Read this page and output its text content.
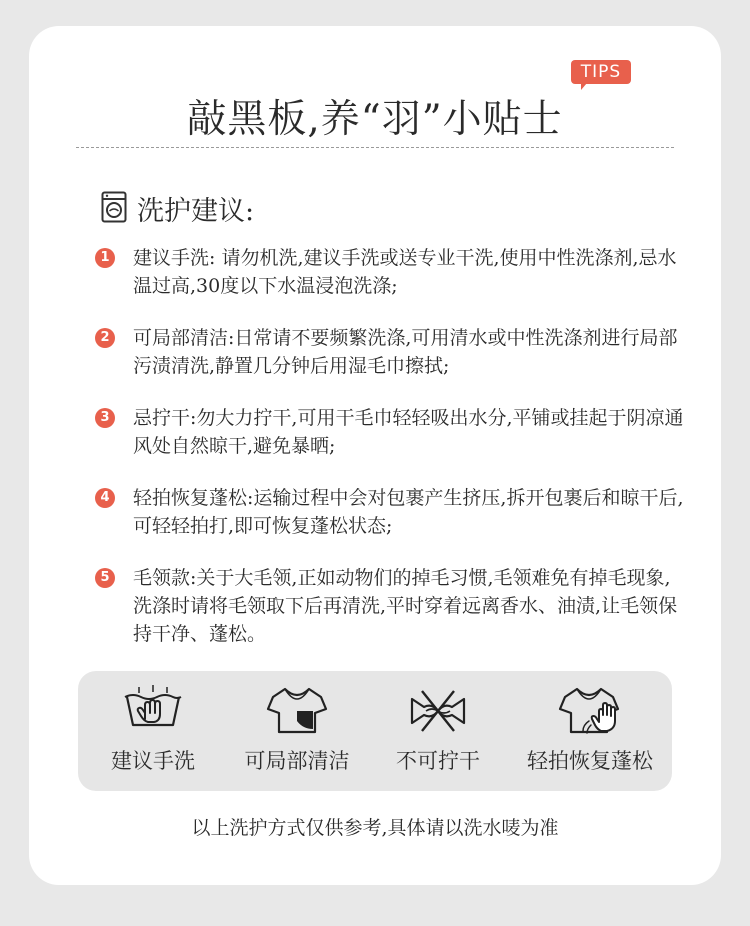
敲黑板,养“羽”小贴士
TIPS
洗护建议:
1 建议手洗: 请勿机洗,建议手洗或送专业干洗,使用中性洗涤剂,忌水温过高,30度以下水温浸泡洗涤;
2 可局部清洁:日常请不要频繁洗涤,可用清水或中性洗涤剂进行局部污渍清洗,静置几分钟后用湿毛巾擦拭;
3 忌拧干:勿大力拧干,可用干毛巾轻轻吸出水分,平铺或挂起于阴凉通风处自然晾干,避免暴晒;
4 轻拍恢复蓬松:运输过程中会对包裹产生挤压,拆开包裹后和晾干后,可轻轻拍打,即可恢复蓬松状态;
5 毛领款:关于大毛领,正如动物们的掉毛习惯,毛领难免有掉毛现象,洗涤时请将毛领取下后再清洗,平时穿着远离香水、油渍,让毛领保持干净、蓬松。
建议手洗	可局部清洁	不可拧干	轻拍恢复蓬松
以上洗护方式仅供参考,具体请以洗水唛为准
